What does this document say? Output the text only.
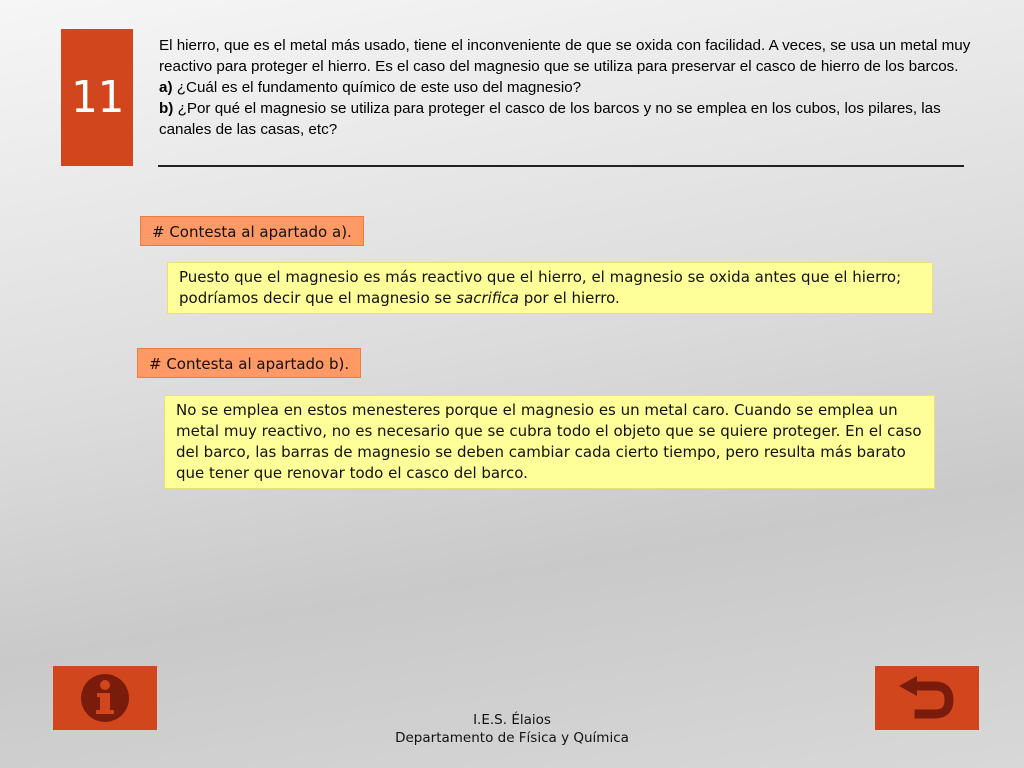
11

El hierro, que es el metal más usado, tiene el inconveniente de que se oxida con facilidad. A veces, se usa un metal muy reactivo para proteger el hierro. Es el caso del magnesio que se utiliza para preservar el casco de hierro de los barcos.

a) ¿Cuál es el fundamento químico de este uso del magnesio?

b) ¿Por qué el magnesio se utiliza para proteger el casco de los barcos y no se emplea en los cubos, los pilares, las canales de las casas, etc?

# Contesta al apartado a).
Puesto que el magnesio es más reactivo que el hierro, el magnesio se oxida antes que el hierro; podríamos decir que el magnesio se sacrifica por el hierro.
# Contesta al apartado b).
No se emplea en estos menesteres porque el magnesio es un metal caro. Cuando se emplea un metal muy reactivo, no es necesario que se cubra todo el objeto que se quiere proteger. En el caso del barco, las barras de magnesio se deben cambiar cada cierto tiempo, pero resulta más barato que tener que renovar todo el casco del barco.
I.E.S. Élaios
Departamento de Física y Química
